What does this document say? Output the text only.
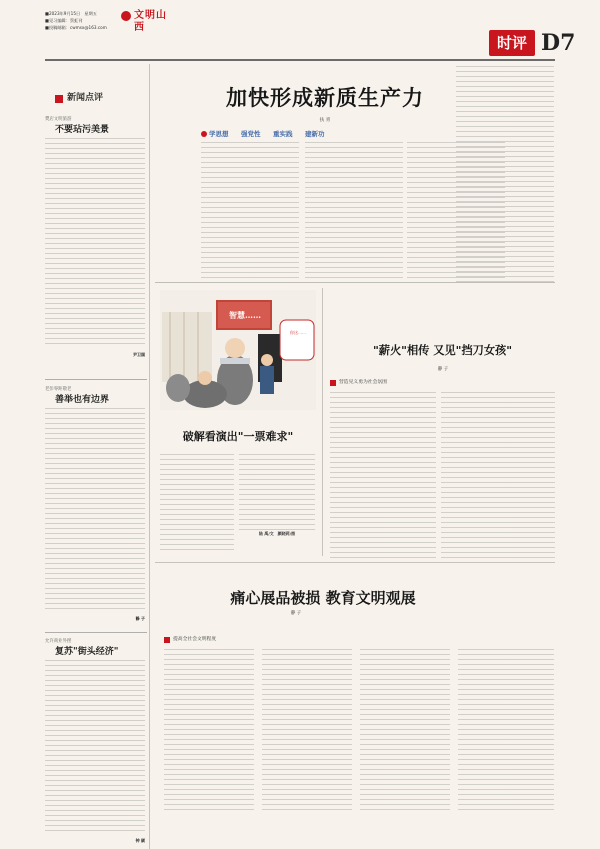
■2023年9月15日　星期五
■见习编辑：蔡虹刊
■投稿邮箱：cwmsx@163.com
文明山西
时评 D7
新闻点评
樊店文明旅游
不要玷污美景
尹卫国
老彭零距敬老
善举也有边界
静 子
允许商业外摆
复苏"街头经济"
钟 颖
加快形成新质生产力
扶 青
学思想 强党性 重实践 建新功
智慧……
你这……
破解看演出"一票难求"
陆 禹/文　颜晓莉/图
"薪火"相传 又见"挡刀女孩"
静 子
营造见义勇为社会氛围
痛心展品被损 教育文明观展
静 子
提高全社会文明程度
